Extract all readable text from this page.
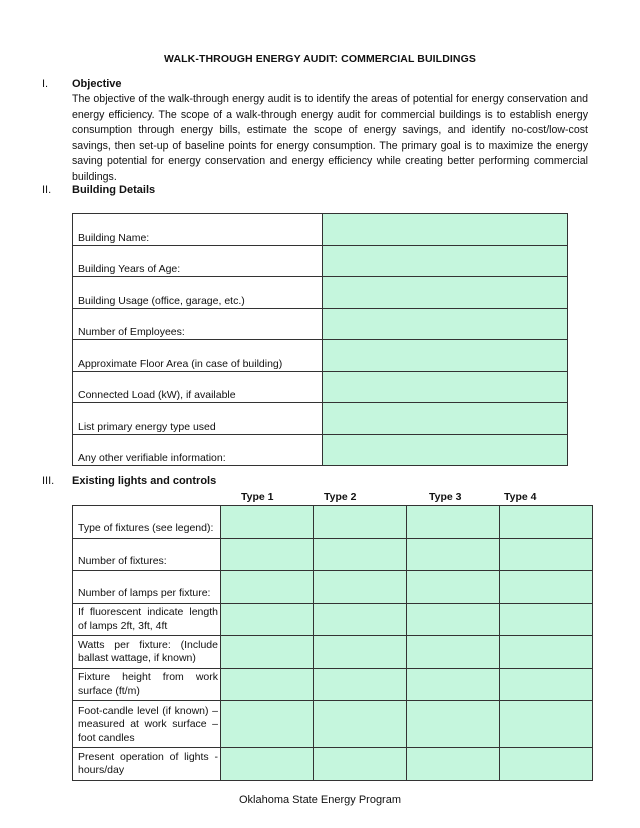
WALK-THROUGH ENERGY AUDIT: COMMERCIAL BUILDINGS
I. Objective
The objective of the walk-through energy audit is to identify the areas of potential for energy conservation and energy efficiency. The scope of a walk-through energy audit for commercial buildings is to establish energy consumption through energy bills, estimate the scope of energy savings, and identify no-cost/low-cost savings, then set-up of baseline points for energy consumption. The primary goal is to maximize the energy saving potential for energy conservation and energy efficiency while creating better performing commercial buildings.
II. Building Details
Building Name:	
Building Years of Age:	
Building Usage (office, garage, etc.)	
Number of Employees:	
Approximate Floor Area (in case of building)	
Connected Load (kW), if available	
List primary energy type used	
Any other verifiable information:	
III. Existing lights and controls
Type 1	Type 2	Type 3	Type 4
Type of fixtures (see legend):				
Number of fixtures:				
Number of lamps per fixture:				
If fluorescent indicate length of lamps 2ft, 3ft, 4ft				
Watts per fixture: (Include ballast wattage, if known)				
Fixture height from work surface (ft/m)				
Foot-candle level (if known) – measured at work surface – foot candles				
Present operation of lights - hours/day				
Oklahoma State Energy Program
